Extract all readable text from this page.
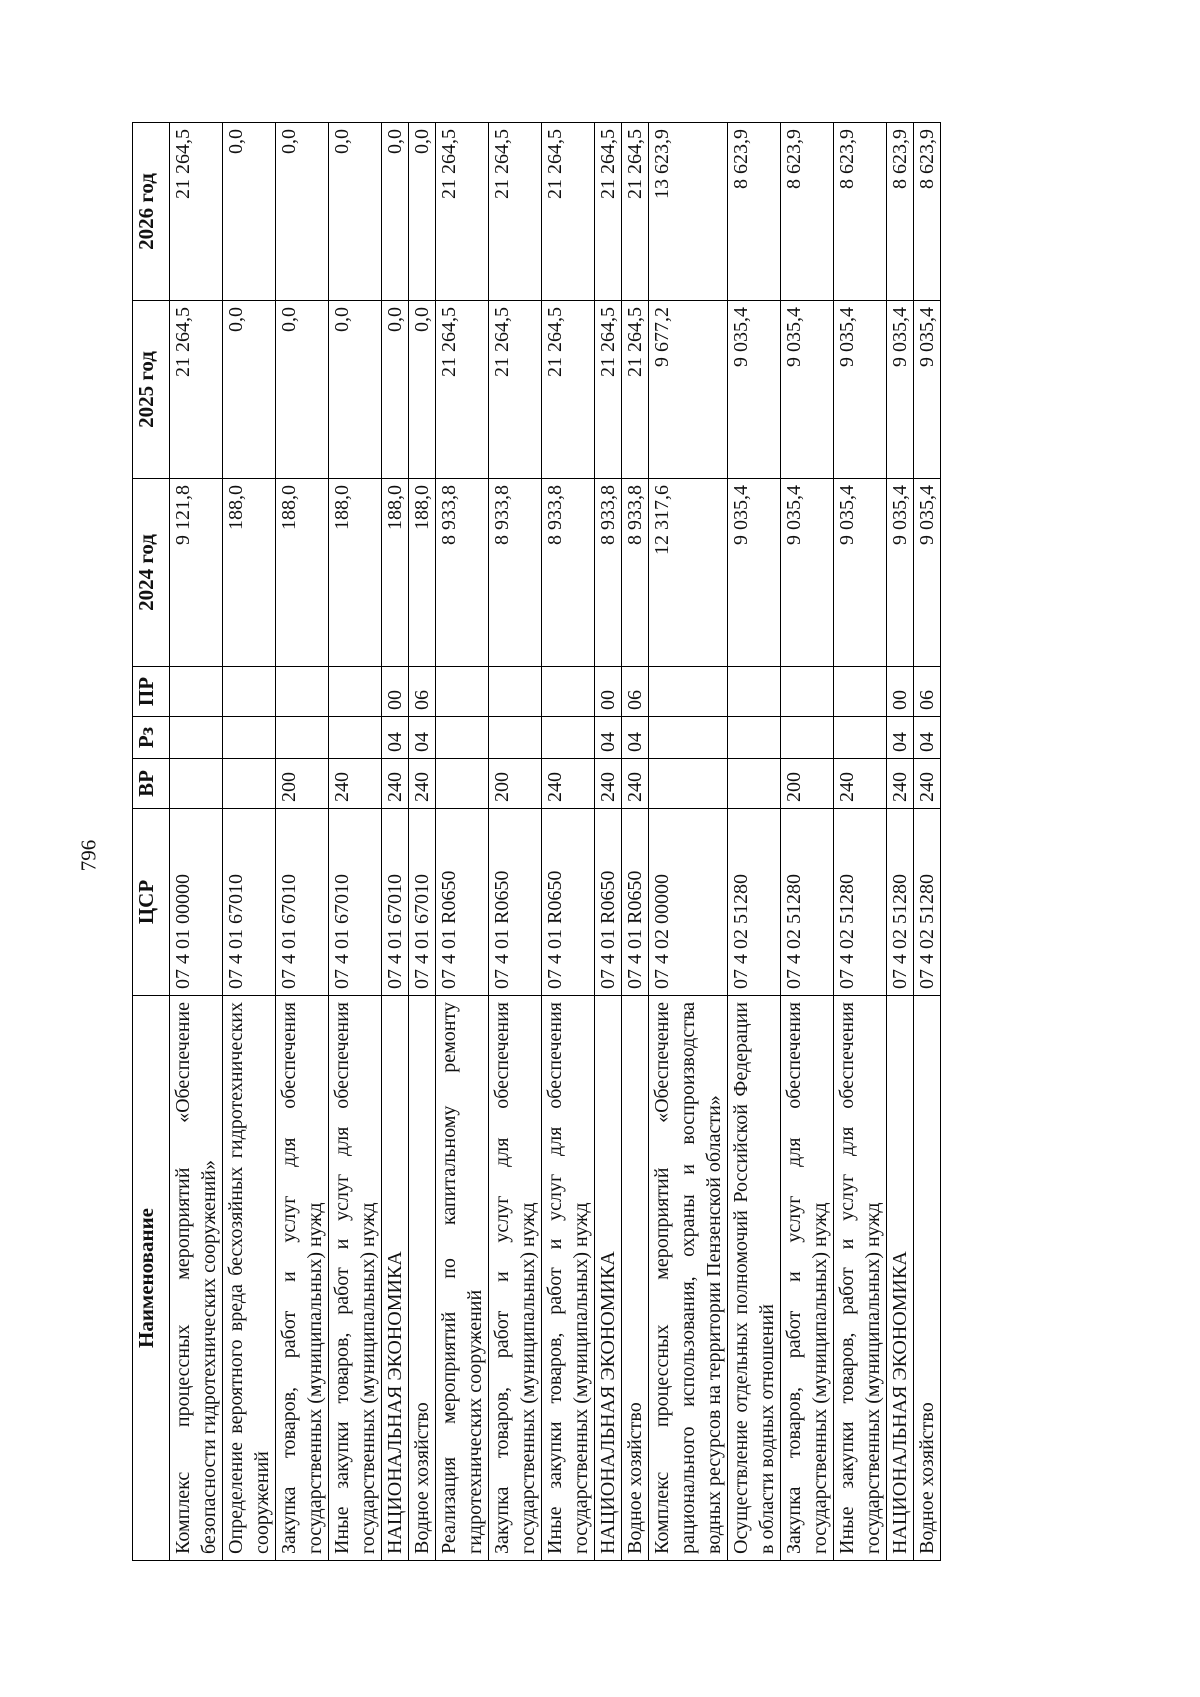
796
Наименование	ЦСР	ВР	Рз	ПР	2024 год	2025 год	2026 год
Комплекс процессных мероприятий «Обеспечение безопасности гидротехнических сооружений»	07 4 01 00000				9 121,8	21 264,5	21 264,5
Определение вероятного вреда бесхозяйных гидротехнических сооружений	07 4 01 67010				188,0	0,0	0,0
Закупка товаров, работ и услуг для обеспечения государственных (муниципальных) нужд	07 4 01 67010	200			188,0	0,0	0,0
Иные закупки товаров, работ и услуг для обеспечения государственных (муниципальных) нужд	07 4 01 67010	240			188,0	0,0	0,0
НАЦИОНАЛЬНАЯ ЭКОНОМИКА	07 4 01 67010	240	04	00	188,0	0,0	0,0
Водное хозяйство	07 4 01 67010	240	04	06	188,0	0,0	0,0
Реализация мероприятий по капитальному ремонту гидротехнических сооружений	07 4 01 R0650				8 933,8	21 264,5	21 264,5
Закупка товаров, работ и услуг для обеспечения государственных (муниципальных) нужд	07 4 01 R0650	200			8 933,8	21 264,5	21 264,5
Иные закупки товаров, работ и услуг для обеспечения государственных (муниципальных) нужд	07 4 01 R0650	240			8 933,8	21 264,5	21 264,5
НАЦИОНАЛЬНАЯ ЭКОНОМИКА	07 4 01 R0650	240	04	00	8 933,8	21 264,5	21 264,5
Водное хозяйство	07 4 01 R0650	240	04	06	8 933,8	21 264,5	21 264,5
Комплекс процессных мероприятий «Обеспечение рационального использования, охраны и воспроизводства водных ресурсов на территории Пензенской области»	07 4 02 00000				12 317,6	9 677,2	13 623,9
Осуществление отдельных полномочий Российской Федерации в области водных отношений	07 4 02 51280				9 035,4	9 035,4	8 623,9
Закупка товаров, работ и услуг для обеспечения государственных (муниципальных) нужд	07 4 02 51280	200			9 035,4	9 035,4	8 623,9
Иные закупки товаров, работ и услуг для обеспечения государственных (муниципальных) нужд	07 4 02 51280	240			9 035,4	9 035,4	8 623,9
НАЦИОНАЛЬНАЯ ЭКОНОМИКА	07 4 02 51280	240	04	00	9 035,4	9 035,4	8 623,9
Водное хозяйство	07 4 02 51280	240	04	06	9 035,4	9 035,4	8 623,9
